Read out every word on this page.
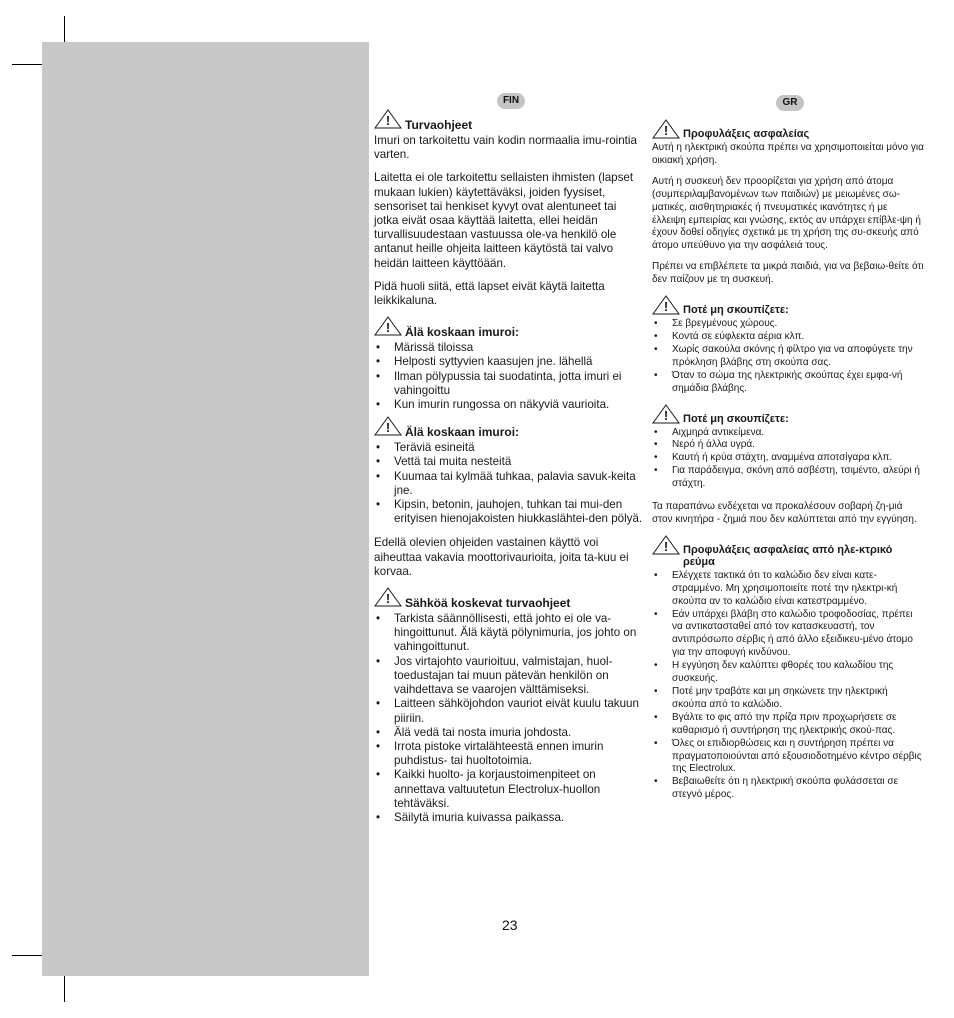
FIN	GR
! Turvaohjeet

Imuri on tarkoitettu vain kodin normaalia imu-rointia varten.

Laitetta ei ole tarkoitettu sellaisten ihmisten (lapset mukaan lukien) käytettäväksi, joiden fyysiset, sensoriset tai henkiset kyvyt ovat alentuneet tai jotka eivät osaa käyttää laitetta, ellei heidän turvallisuudestaan vastuussa ole-va henkilö ole antanut heille ohjeita laitteen käytöstä tai valvo heidän laitteen käyttöään.

Pidä huoli siitä, että lapset eivät käytä laitetta leikkikaluna.

! Älä koskaan imuroi:
• Märissä tiloissa
• Helposti syttyvien kaasujen jne. lähellä
• Ilman pölypussia tai suodatinta, jotta imuri ei vahingoittu
• Kun imurin rungossa on näkyviä vaurioita.
! Älä koskaan imuroi:
• Teräviä esineitä
• Vettä tai muita nesteitä
• Kuumaa tai kylmää tuhkaa, palavia savuk-keita jne.
• Kipsin, betonin, jauhojen, tuhkan tai mui-den erityisen hienojakoisten hiukkaslähtei-den pölyä.

Edellä olevien ohjeiden vastainen käyttö voi aiheuttaa vakavia moottorivaurioita, joita ta-kuu ei korvaa.

! Sähköä koskevat turvaohjeet
• Tarkista säännöllisesti, että johto ei ole va-hingoittunut. Älä käytä pölynimuria, jos johto on vahingoittunut.
• Jos virtajohto vaurioituu, valmistajan, huol-toedustajan tai muun pätevän henkilön on vaihdettava se vaarojen välttämiseksi.
• Laitteen sähköjohdon vauriot eivät kuulu takuun piiriin.
• Älä vedä tai nosta imuria johdosta.
• Irrota pistoke virtalähteestä ennen imurin puhdistus- tai huoltotoimia.
• Kaikki huolto- ja korjaustoimenpiteet on annettava valtuutetun Electrolux-huollon tehtäväksi.
• Säilytä imuria kuivassa paikassa.
! Προφυλάξεις ασφαλείας

Αυτή η ηλεκτρική σκούπα πρέπει να χρησιμοποιείται μόνο για οικιακή χρήση.

Αυτή η συσκευή δεν προορίζεται για χρήση από άτομα (συμπεριλαμβανομένων των παιδιών) με μειωμένες σω-ματικές, αισθητηριακές ή πνευματικές ικανότητες ή με έλλειψη εμπειρίας και γνώσης, εκτός αν υπάρχει επίβλε-ψη ή έχουν δοθεί οδηγίες σχετικά με τη χρήση της συ-σκευής από άτομο υπεύθυνο για την ασφάλειά τους.

Πρέπει να επιβλέπετε τα μικρά παιδιά, για να βεβαιω-θείτε ότι δεν παίζουν με τη συσκευή.

! Ποτέ μη σκουπίζετε:
• Σε βρεγμένους χώρους.
• Κοντά σε εύφλεκτα αέρια κλπ.
• Χωρίς σακούλα σκόνης ή φίλτρο για να αποφύγετε την πρόκληση βλάβης στη σκούπα σας.
• Όταν το σώμα της ηλεκτρικής σκούπας έχει εμφα-νή σημάδια βλάβης.
! Ποτέ μη σκουπίζετε:
• Αιχμηρά αντικείμενα.
• Νερό ή άλλα υγρά.
• Καυτή ή κρύα στάχτη, αναμμένα αποτσίγαρα κλπ.
• Για παράδειγμα, σκόνη από ασβέστη, τσιμέντο, αλεύρι ή στάχτη.

Τα παραπάνω ενδέχεται να προκαλέσουν σοβαρή ζη-μιά στον κινητήρα - ζημιά που δεν καλύπτεται από την εγγύηση.

! Προφυλάξεις ασφαλείας από ηλε-κτρικό ρεύμα
• Ελέγχετε τακτικά ότι το καλώδιο δεν είναι κατε-στραμμένο. Μη χρησιμοποιείτε ποτέ την ηλεκτρι-κή σκούπα αν το καλώδιο είναι κατεστραμμένο.
• Εάν υπάρχει βλάβη στο καλώδιο τροφοδοσίας, πρέπει να αντικατασταθεί από τον κατασκευαστή, τον αντιπρόσωπο σέρβις ή από άλλο εξειδικευ-μένο άτομο για την αποφυγή κινδύνου.
• Η εγγύηση δεν καλύπτει φθορές του καλωδίου της συσκευής.
• Ποτέ μην τραβάτε και μη σηκώνετε την ηλεκτρική σκούπα από το καλώδιο.
• Βγάλτε το φις από την πρίζα πριν προχωρήσετε σε καθαρισμό ή συντήρηση της ηλεκτρικής σκού-πας.
• Όλες οι επιδιορθώσεις και η συντήρηση πρέπει να πραγματοποιούνται από εξουσιοδοτημένο κέντρο σέρβις της Electrolux.
• Βεβαιωθείτε ότι η ηλεκτρική σκούπα φυλάσσεται σε στεγνό μέρος.
23
